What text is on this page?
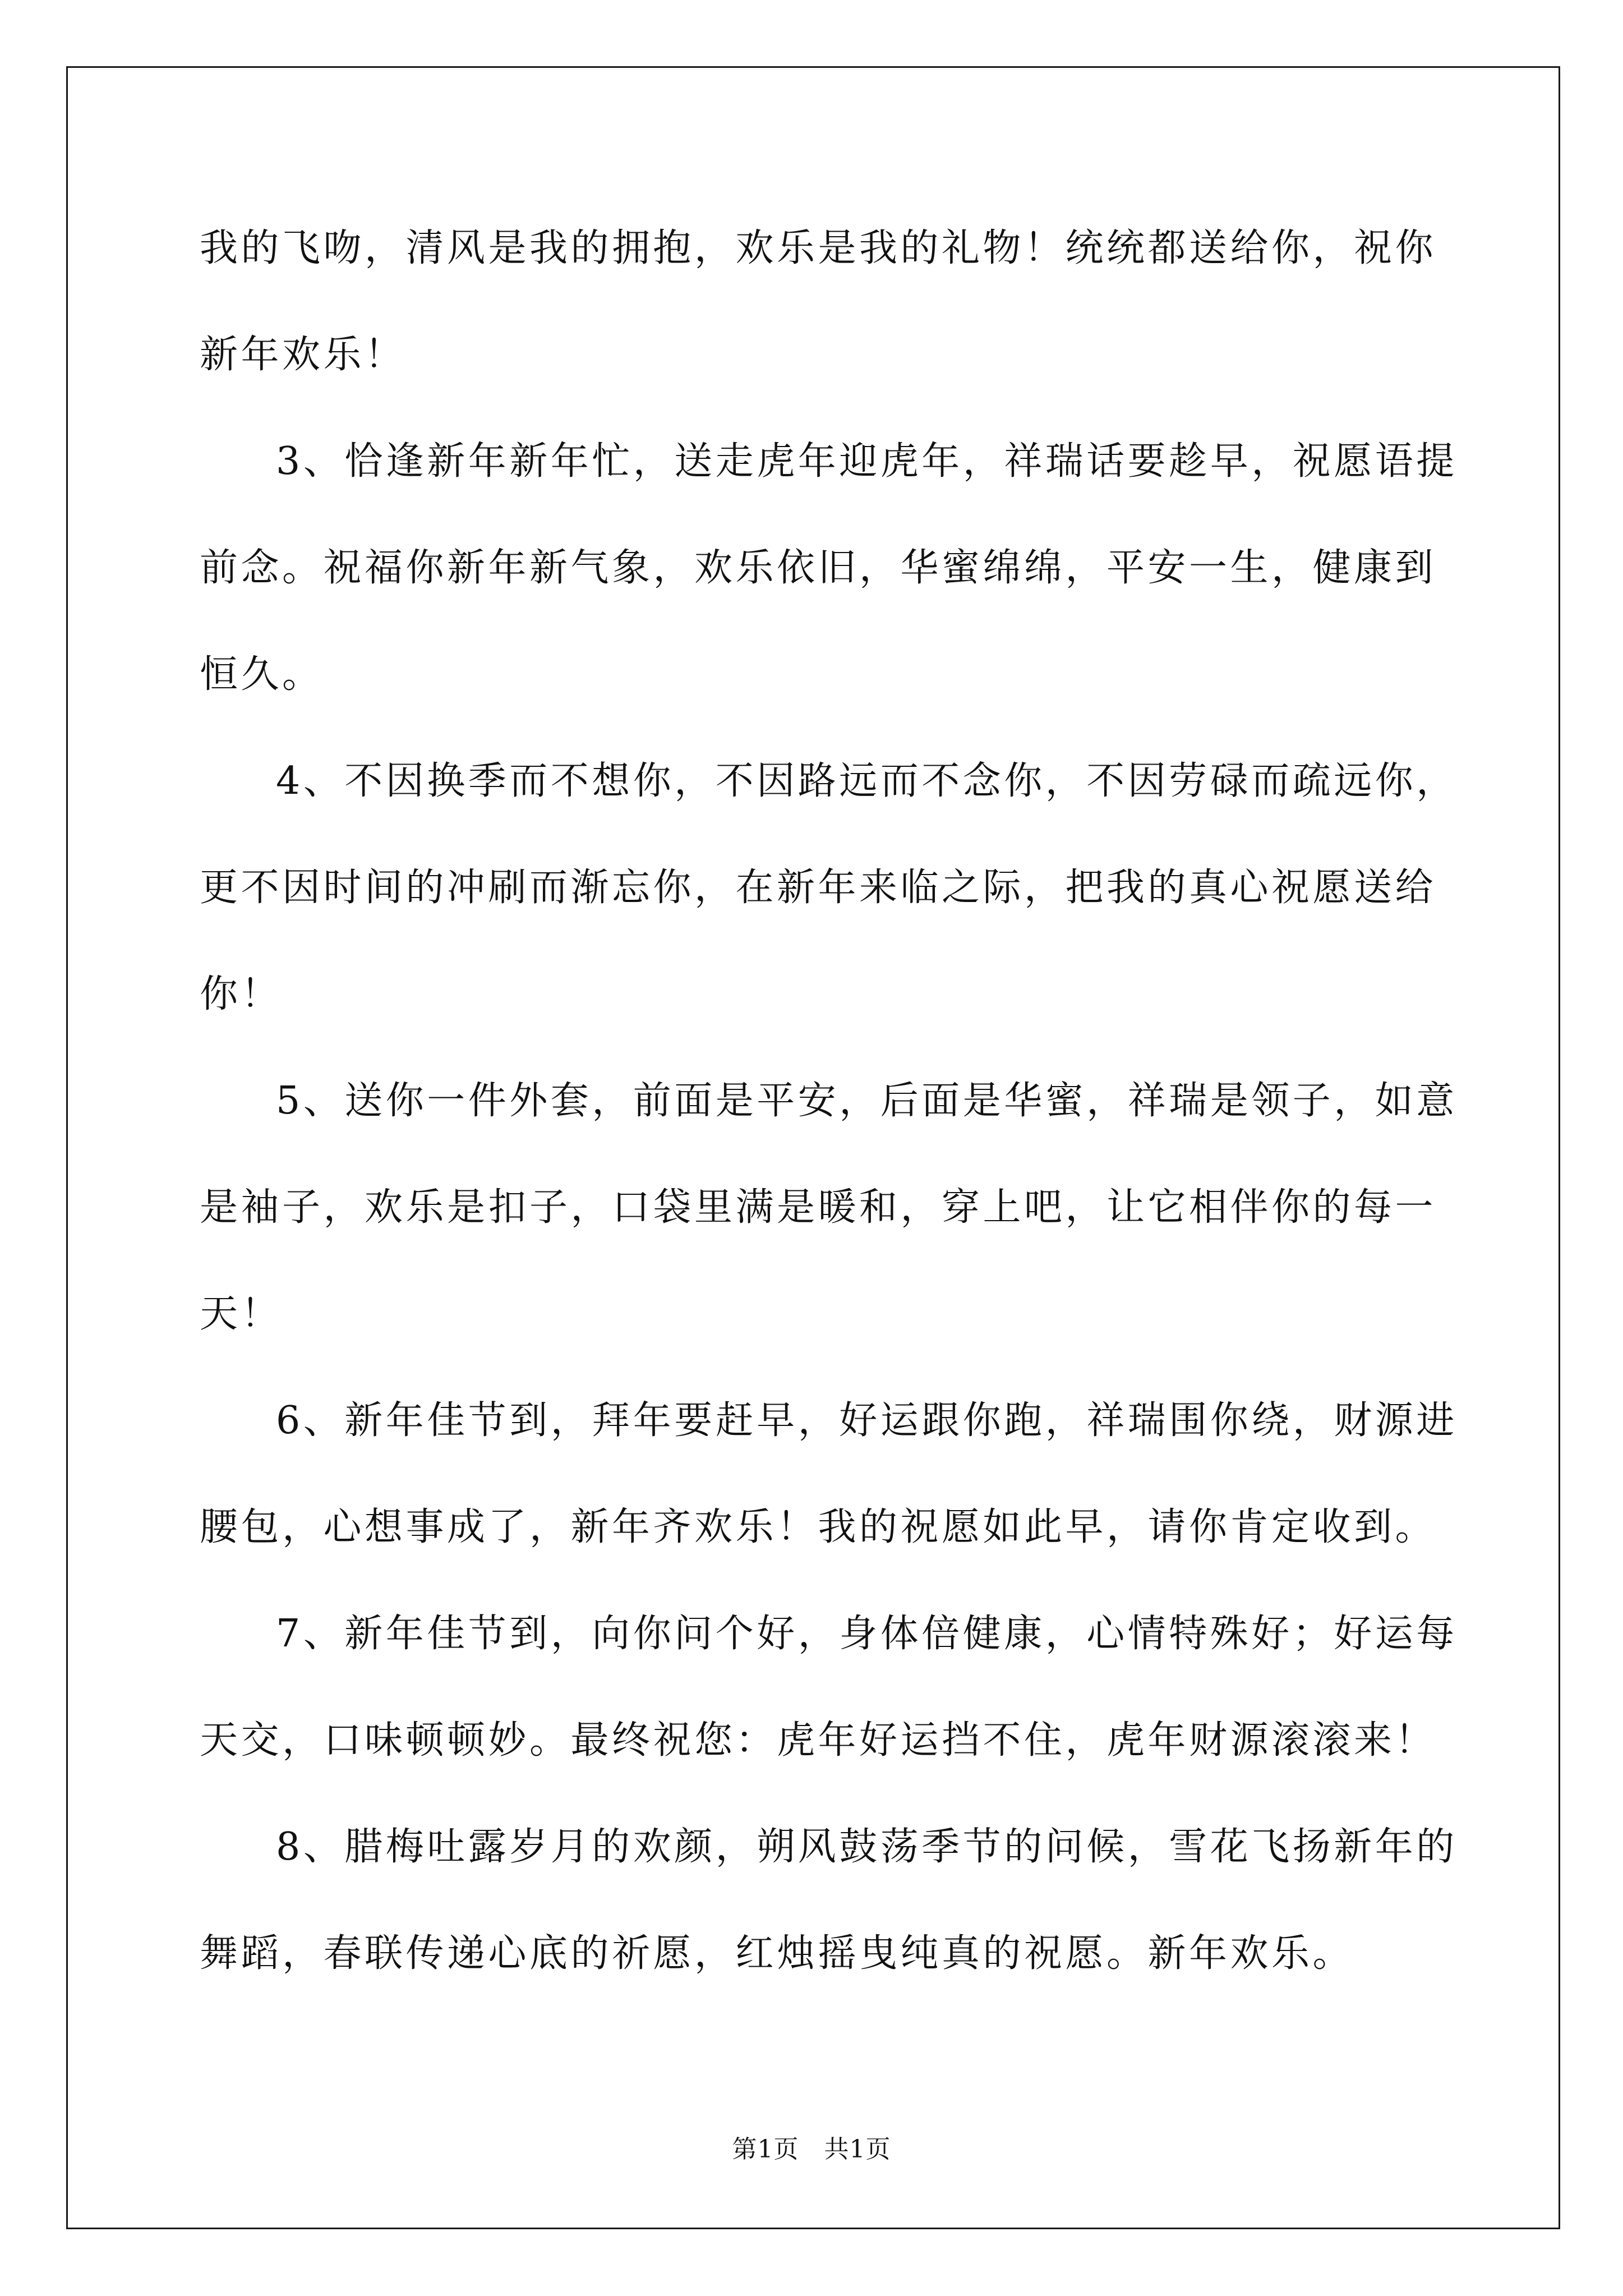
我的飞吻，清风是我的拥抱，欢乐是我的礼物！统统都送给你，祝你
新年欢乐！
3、恰逢新年新年忙，送走虎年迎虎年，祥瑞话要趁早，祝愿语提
前念。祝福你新年新气象，欢乐依旧，华蜜绵绵，平安一生，健康到
恒久。
4、不因换季而不想你，不因路远而不念你，不因劳碌而疏远你，
更不因时间的冲刷而渐忘你，在新年来临之际，把我的真心祝愿送给
你！
5、送你一件外套，前面是平安，后面是华蜜，祥瑞是领子，如意
是袖子，欢乐是扣子，口袋里满是暖和，穿上吧，让它相伴你的每一
天！
6、新年佳节到，拜年要赶早，好运跟你跑，祥瑞围你绕，财源进
腰包，心想事成了，新年齐欢乐！我的祝愿如此早，请你肯定收到。
7、新年佳节到，向你问个好，身体倍健康，心情特殊好；好运每
天交，口味顿顿妙。最终祝您：虎年好运挡不住，虎年财源滚滚来！
8、腊梅吐露岁月的欢颜，朔风鼓荡季节的问候，雪花飞扬新年的
舞蹈，春联传递心底的祈愿，红烛摇曳纯真的祝愿。新年欢乐。
第1页　共1页
